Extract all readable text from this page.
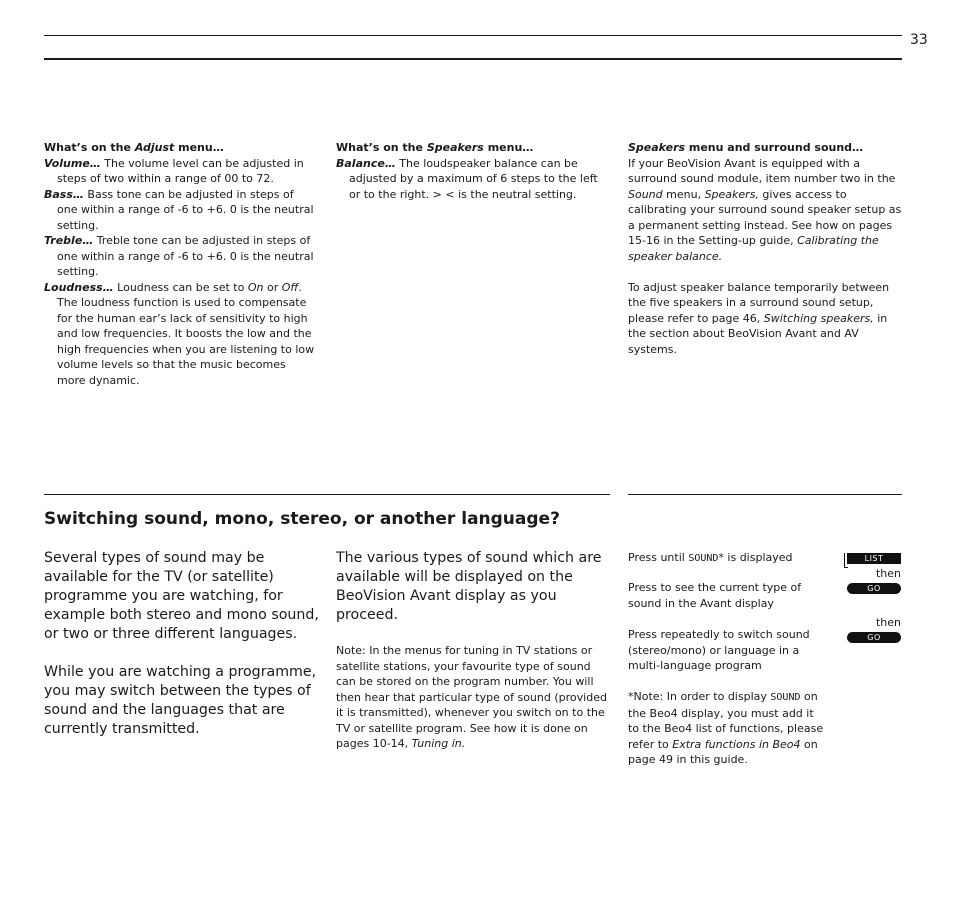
33

What’s on the Adjust menu…

Volume… The volume level can be adjusted in steps of two within a range of 00 to 72.

Bass… Bass tone can be adjusted in steps of one within a range of -6 to +6. 0 is the neutral setting.

Treble… Treble tone can be adjusted in steps of one within a range of -6 to +6. 0 is the neutral setting.

Loudness… Loudness can be set to On or Off. The loudness function is used to compensate for the human ear’s lack of sensitivity to high and low frequencies. It boosts the low and the high frequencies when you are listening to low volume levels so that the music becomes more dynamic.

What’s on the Speakers menu…

Balance… The loudspeaker balance can be adjusted by a maximum of 6 steps to the left or to the right. > < is the neutral setting.

Speakers menu and surround sound…

If your BeoVision Avant is equipped with a surround sound module, item number two in the Sound menu, Speakers, gives access to calibrating your surround sound speaker setup as a permanent setting instead. See how on pages 15-16 in the Setting-up guide, Calibrating the speaker balance.

To adjust speaker balance temporarily between the five speakers in a surround sound setup, please refer to page 46, Switching speakers, in the section about BeoVision Avant and AV systems.

Switching sound, mono, stereo, or another language?

Several types of sound may be available for the TV (or satellite) programme you are watching, for example both stereo and mono sound, or two or three different languages.

While you are watching a programme, you may switch between the types of sound and the languages that are currently transmitted.

The various types of sound which are available will be displayed on the BeoVision Avant display as you proceed.

Note: In the menus for tuning in TV stations or satellite stations, your favourite type of sound can be stored on the program number. You will then hear that particular type of sound (provided it is transmitted), whenever you switch on to the TV or satellite program. See how it is done on pages 10-14, Tuning in.

Press until SOUND* is displayed
Press to see the current type of sound in the Avant display
Press repeatedly to switch sound (stereo/mono) or language in a multi-language program
*Note: In order to display SOUND on the Beo4 display, you must add it to the Beo4 list of functions, please refer to Extra functions in Beo4 on page 49 in this guide.
LIST
then
GO
then
GO
